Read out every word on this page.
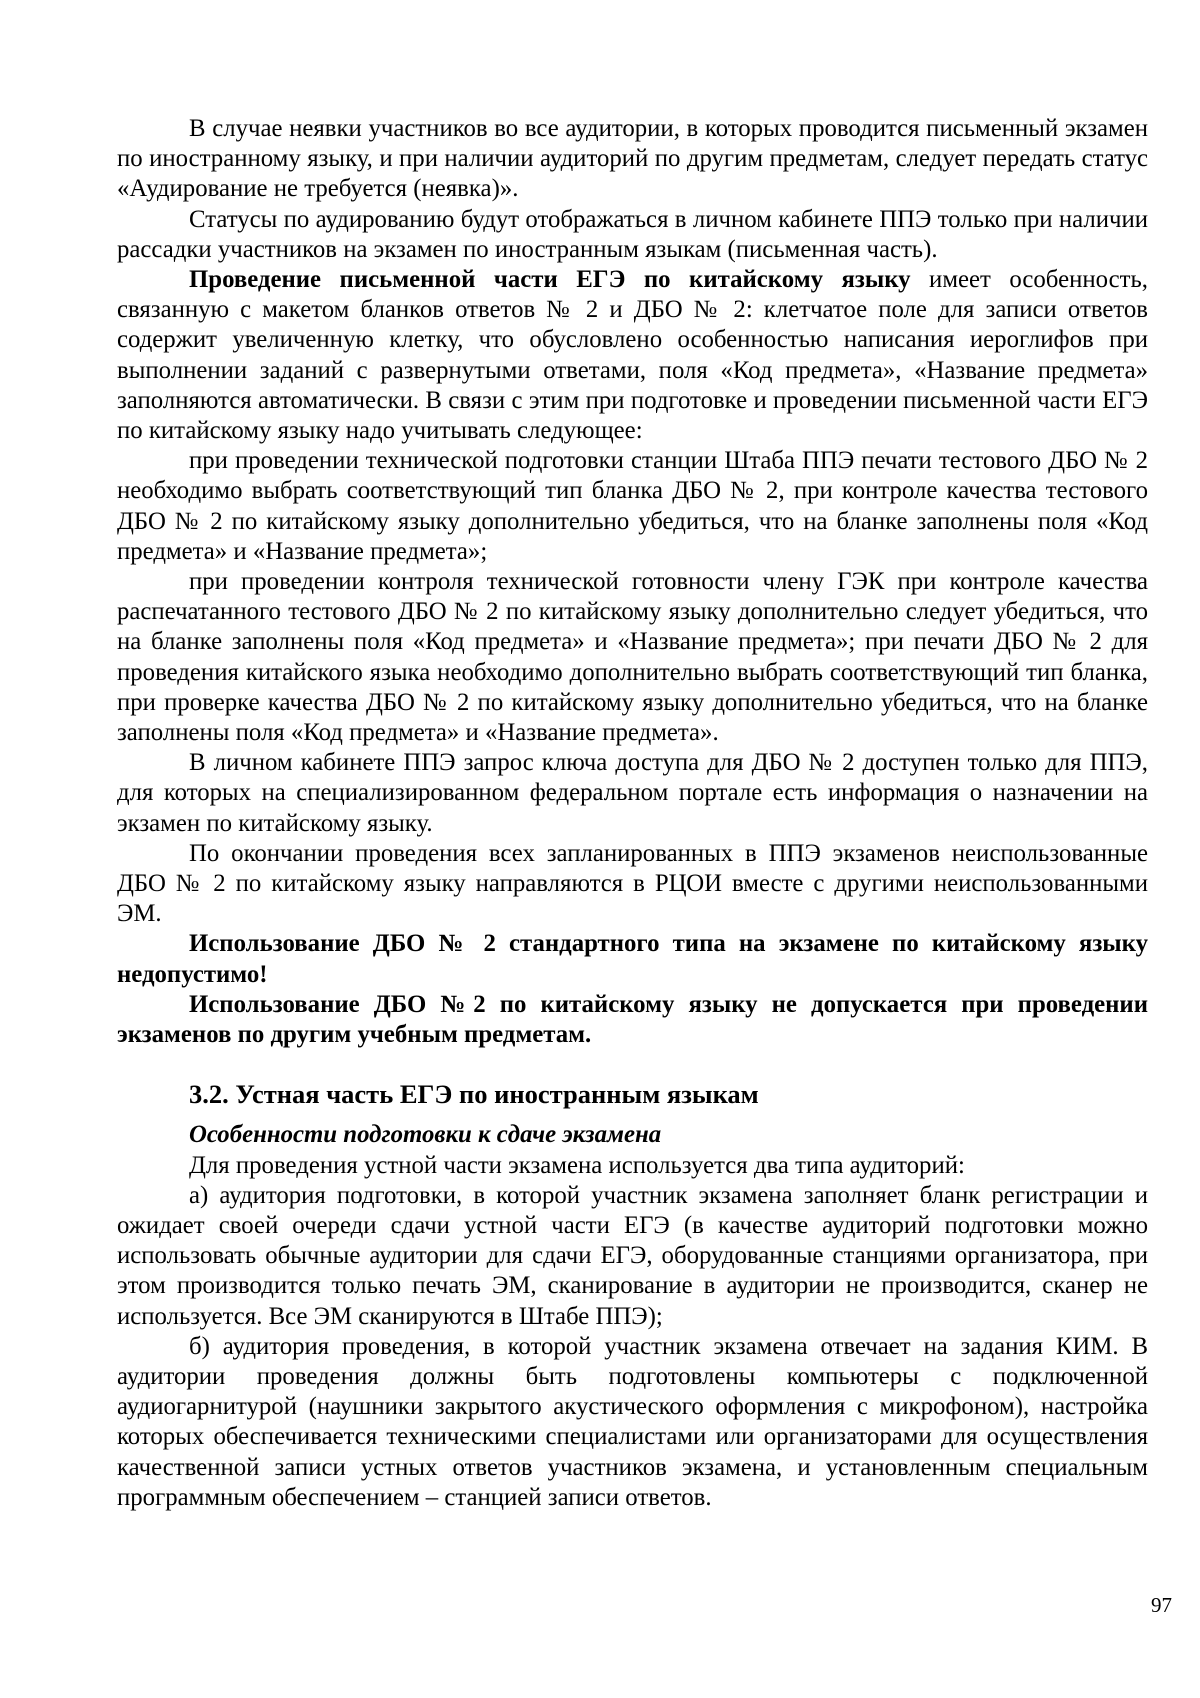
В случае неявки участников во все аудитории, в которых проводится письменный экзамен по иностранному языку, и при наличии аудиторий по другим предметам, следует передать статус «Аудирование не требуется (неявка)».

Статусы по аудированию будут отображаться в личном кабинете ППЭ только при наличии рассадки участников на экзамен по иностранным языкам (письменная часть).

Проведение письменной части ЕГЭ по китайскому языку имеет особенность, связанную с макетом бланков ответов № 2 и ДБО № 2: клетчатое поле для записи ответов содержит увеличенную клетку, что обусловлено особенностью написания иероглифов при выполнении заданий с развернутыми ответами, поля «Код предмета», «Название предмета» заполняются автоматически. В связи с этим при подготовке и проведении письменной части ЕГЭ по китайскому языку надо учитывать следующее:

при проведении технической подготовки станции Штаба ППЭ печати тестового ДБО № 2 необходимо выбрать соответствующий тип бланка ДБО № 2, при контроле качества тестового ДБО № 2 по китайскому языку дополнительно убедиться, что на бланке заполнены поля «Код предмета» и «Название предмета»;

при проведении контроля технической готовности члену ГЭК при контроле качества распечатанного тестового ДБО № 2 по китайскому языку дополнительно следует убедиться, что на бланке заполнены поля «Код предмета» и «Название предмета»; при печати ДБО № 2 для проведения китайского языка необходимо дополнительно выбрать соответствующий тип бланка, при проверке качества ДБО № 2 по китайскому языку дополнительно убедиться, что на бланке заполнены поля «Код предмета» и «Название предмета».

В личном кабинете ППЭ запрос ключа доступа для ДБО № 2 доступен только для ППЭ, для которых на специализированном федеральном портале есть информация о назначении на экзамен по китайскому языку.

По окончании проведения всех запланированных в ППЭ экзаменов неиспользованные ДБО № 2 по китайскому языку направляются в РЦОИ вместе с другими неиспользованными ЭМ.

Использование ДБО № 2 стандартного типа на экзамене по китайскому языку недопустимо!

Использование ДБО №2 по китайскому языку не допускается при проведении экзаменов по другим учебным предметам.

3.2. Устная часть ЕГЭ по иностранным языкам

Особенности подготовки к сдаче экзамена

Для проведения устной части экзамена используется два типа аудиторий:

а) аудитория подготовки, в которой участник экзамена заполняет бланк регистрации и ожидает своей очереди сдачи устной части ЕГЭ (в качестве аудиторий подготовки можно использовать обычные аудитории для сдачи ЕГЭ, оборудованные станциями организатора, при этом производится только печать ЭМ, сканирование в аудитории не производится, сканер не используется. Все ЭМ сканируются в Штабе ППЭ);

б) аудитория проведения, в которой участник экзамена отвечает на задания КИМ. В аудитории проведения должны быть подготовлены компьютеры с подключенной аудиогарнитурой (наушники закрытого акустического оформления с микрофоном), настройка которых обеспечивается техническими специалистами или организаторами для осуществления качественной записи устных ответов участников экзамена, и установленным специальным программным обеспечением – станцией записи ответов.

97
